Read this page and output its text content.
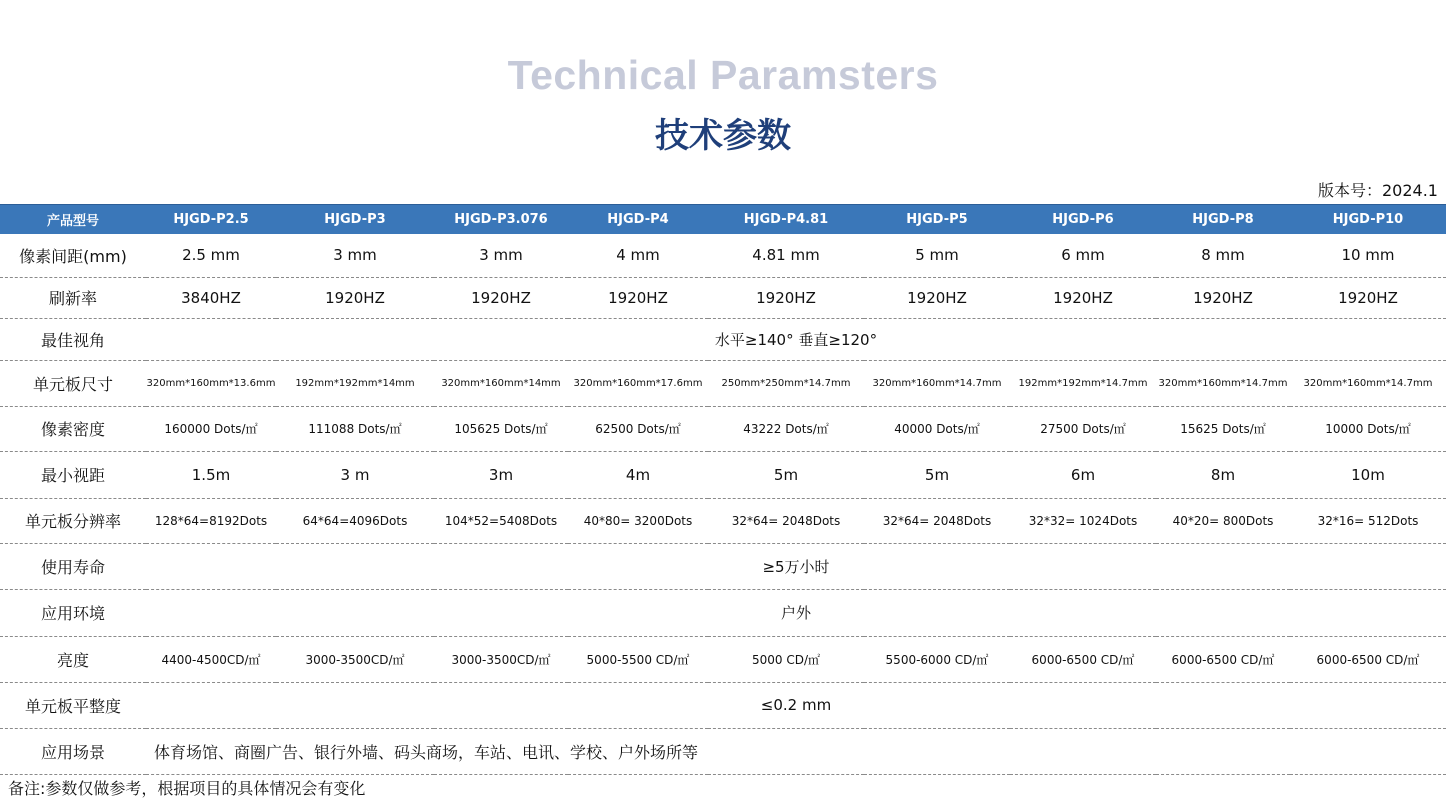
Technical Paramsters
技术参数
版本号：2024.1
产品型号	HJGD-P2.5	HJGD-P3	HJGD-P3.076	HJGD-P4	HJGD-P4.81	HJGD-P5	HJGD-P6	HJGD-P8	HJGD-P10
像素间距(mm)	2.5 mm	3 mm	3 mm	4 mm	4.81 mm	5 mm	6 mm	8 mm	10 mm
刷新率	3840HZ	1920HZ	1920HZ	1920HZ	1920HZ	1920HZ	1920HZ	1920HZ	1920HZ
最佳视角	水平≥140° 垂直≥120°								
单元板尺寸	320mm*160mm*13.6mm	192mm*192mm*14mm	320mm*160mm*14mm	320mm*160mm*17.6mm	250mm*250mm*14.7mm	320mm*160mm*14.7mm	192mm*192mm*14.7mm	320mm*160mm*14.7mm	320mm*160mm*14.7mm
像素密度	160000 Dots/㎡	111088 Dots/㎡	105625 Dots/㎡	62500 Dots/㎡	43222 Dots/㎡	40000 Dots/㎡	27500 Dots/㎡	15625 Dots/㎡	10000 Dots/㎡
最小视距	1.5m	3 m	3m	4m	5m	5m	6m	8m	10m
单元板分辨率	128*64=8192Dots	64*64=4096Dots	104*52=5408Dots	40*80= 3200Dots	32*64= 2048Dots	32*64= 2048Dots	32*32= 1024Dots	40*20= 800Dots	32*16= 512Dots
使用寿命	≥5万小时								
应用环境	户外								
亮度	4400-4500CD/㎡	3000-3500CD/㎡	3000-3500CD/㎡	5000-5500 CD/㎡	5000 CD/㎡	5500-6000 CD/㎡	6000-6500 CD/㎡	6000-6500 CD/㎡	6000-6500 CD/㎡
单元板平整度	≤0.2 mm								
应用场景	体育场馆、商圈广告、银行外墙、码头商场，车站、电讯、学校、户外场所等								
备注:参数仅做参考，根据项目的具体情况会有变化
